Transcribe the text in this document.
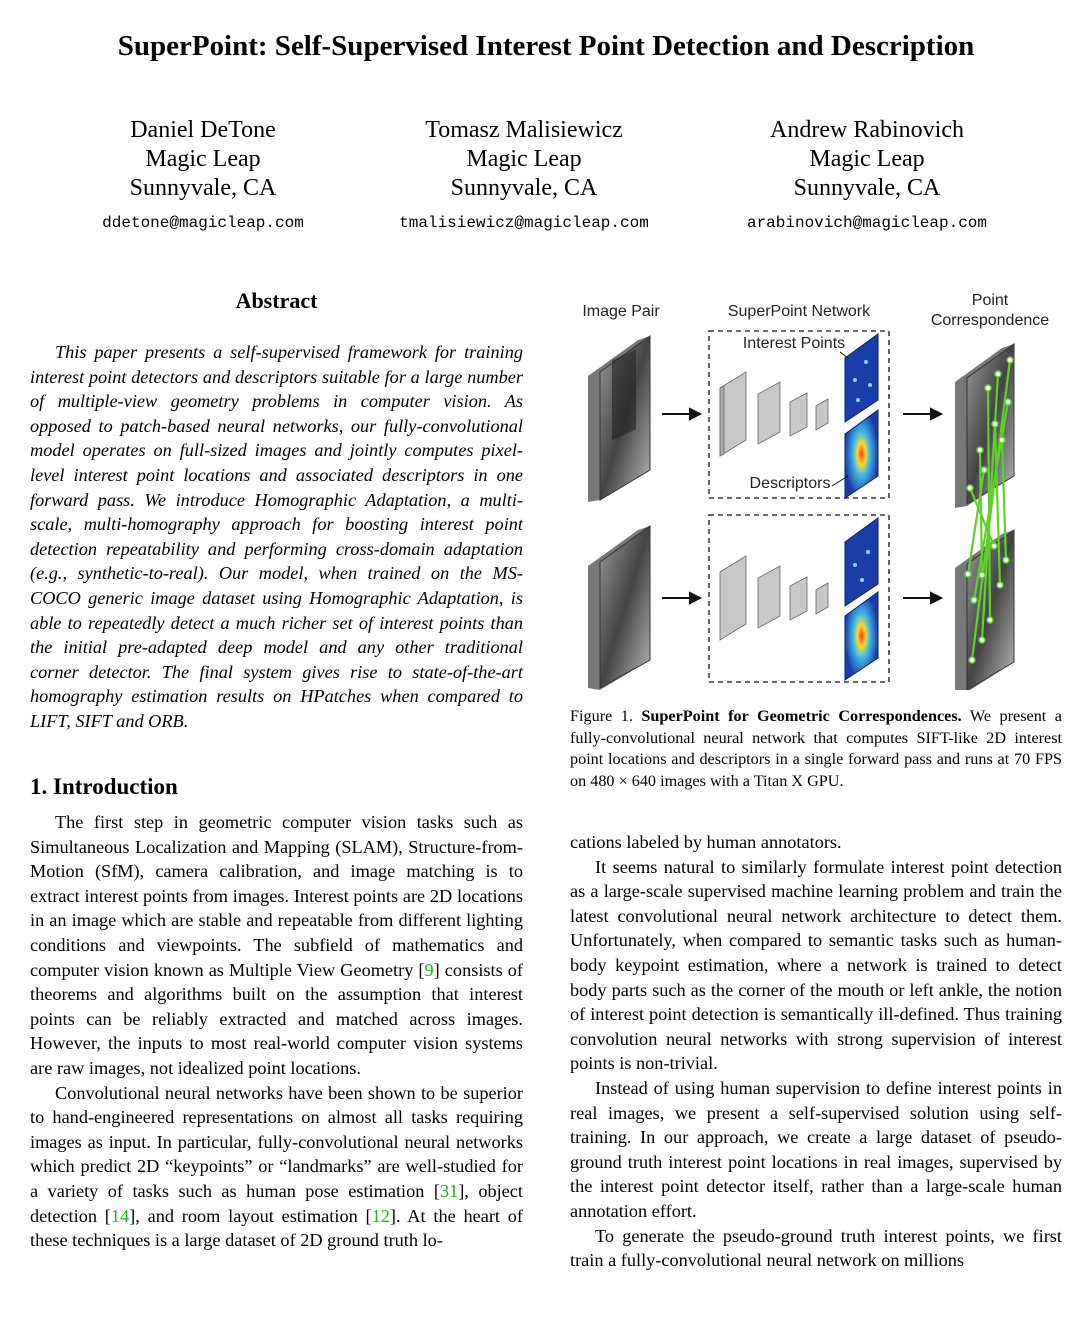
SuperPoint: Self-Supervised Interest Point Detection and Description
Daniel DeTone
Magic Leap
Sunnyvale, CA
ddetone@magicleap.com
Tomasz Malisiewicz
Magic Leap
Sunnyvale, CA
tmalisiewicz@magicleap.com
Andrew Rabinovich
Magic Leap
Sunnyvale, CA
arabinovich@magicleap.com
Abstract

This paper presents a self-supervised framework for training interest point detectors and descriptors suitable for a large number of multiple-view geometry problems in computer vision. As opposed to patch-based neural networks, our fully-convolutional model operates on full-sized images and jointly computes pixel-level interest point locations and associated descriptors in one forward pass. We introduce Homographic Adaptation, a multi-scale, multi-homography approach for boosting interest point detection repeatability and performing cross-domain adaptation (e.g., synthetic-to-real). Our model, when trained on the MS-COCO generic image dataset using Homographic Adaptation, is able to repeatedly detect a much richer set of interest points than the initial pre-adapted deep model and any other traditional corner detector. The final system gives rise to state-of-the-art homography estimation results on HPatches when compared to LIFT, SIFT and ORB.

1. Introduction

The first step in geometric computer vision tasks such as Simultaneous Localization and Mapping (SLAM), Structure-from-Motion (SfM), camera calibration, and image matching is to extract interest points from images. Interest points are 2D locations in an image which are stable and repeatable from different lighting conditions and viewpoints. The subfield of mathematics and computer vision known as Multiple View Geometry [9] consists of theorems and algorithms built on the assumption that interest points can be reliably extracted and matched across images. However, the inputs to most real-world computer vision systems are raw images, not idealized point locations.

Convolutional neural networks have been shown to be superior to hand-engineered representations on almost all tasks requiring images as input. In particular, fully-convolutional neural networks which predict 2D “keypoints” or “landmarks” are well-studied for a variety of tasks such as human pose estimation [31], object detection [14], and room layout estimation [12]. At the heart of these techniques is a large dataset of 2D ground truth lo-

Image Pair	SuperPoint Network
Point
Correspondence
Interest Points
Descriptors
Figure 1. SuperPoint for Geometric Correspondences. We present a fully-convolutional neural network that computes SIFT-like 2D interest point locations and descriptors in a single forward pass and runs at 70 FPS on 480 × 640 images with a Titan X GPU.

cations labeled by human annotators.

It seems natural to similarly formulate interest point detection as a large-scale supervised machine learning problem and train the latest convolutional neural network architecture to detect them. Unfortunately, when compared to semantic tasks such as human-body keypoint estimation, where a network is trained to detect body parts such as the corner of the mouth or left ankle, the notion of interest point detection is semantically ill-defined. Thus training convolution neural networks with strong supervision of interest points is non-trivial.

Instead of using human supervision to define interest points in real images, we present a self-supervised solution using self-training. In our approach, we create a large dataset of pseudo-ground truth interest point locations in real images, supervised by the interest point detector itself, rather than a large-scale human annotation effort.

To generate the pseudo-ground truth interest points, we first train a fully-convolutional neural network on millions
